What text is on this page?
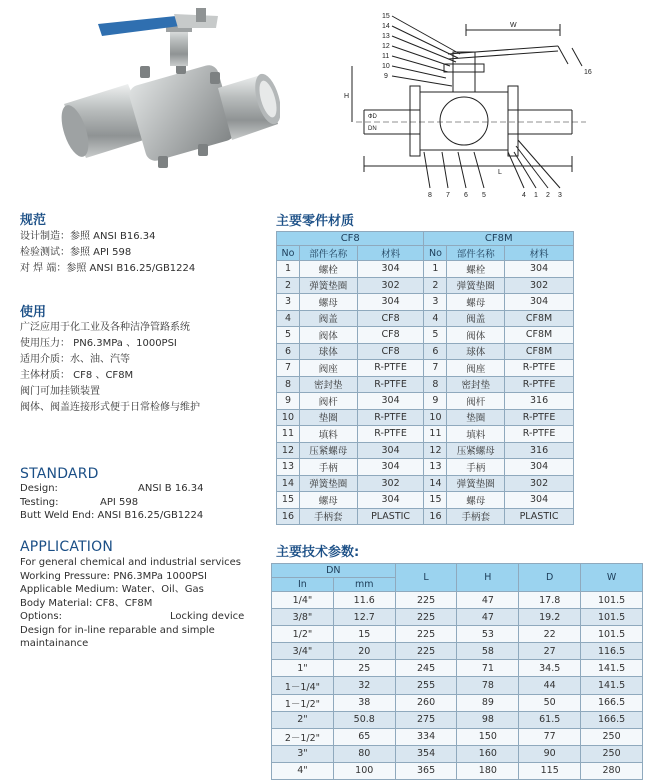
15
14
13
12
11
10
9
8 7 6 5
L
4 1 2 3
16
W
H
ФD
DN
规范
设计制造：参照 ANSI B16.34
检验测试：参照 API 598
对 焊 端：参照 ANSI B16.25/GB1224
使用
广泛应用于化工业及各种洁净管路系统
使用压力： PN6.3MPa 、1000PSI
适用介质：水、油、汽等
主体材质： CF8 、CF8M
阀门可加挂锁装置
阀体、阀盖连接形式便于日常检修与维护
STANDARD
Design:	ANSI B 16.34
Testing:	API 598
Butt Weld End: ANSI B16.25/GB1224
APPLICATION
For general chemical and industrial services
Working Pressure: PN6.3MPa 1000PSI
Applicable Medium: Water、Oil、Gas
Body Material: CF8、CF8M
Options:	Locking device
Design for in-line reparable and simple
maintainance
主要零件材质
CF8			CF8M		
No	部件名称	材料	No	部件名称	材料
1	螺栓	304	1	螺栓	304
2	弹簧垫圈	302	2	弹簧垫圈	302
3	螺母	304	3	螺母	304
4	阀盖	CF8	4	阀盖	CF8M
5	阀体	CF8	5	阀体	CF8M
6	球体	CF8	6	球体	CF8M
7	阀座	R-PTFE	7	阀座	R-PTFE
8	密封垫	R-PTFE	8	密封垫	R-PTFE
9	阀杆	304	9	阀杆	316
10	垫圈	R-PTFE	10	垫圈	R-PTFE
11	填料	R-PTFE	11	填料	R-PTFE
12	压紧螺母	304	12	压紧螺母	316
13	手柄	304	13	手柄	304
14	弹簧垫圈	302	14	弹簧垫圈	302
15	螺母	304	15	螺母	304
16	手柄套	PLASTIC	16	手柄套	PLASTIC
主要技术参数:
DN		L	H	D	W
In	mm				
1/4"	11.6	225	47	17.8	101.5
3/8"	12.7	225	47	19.2	101.5
1/2"	15	225	53	22	101.5
3/4"	20	225	58	27	116.5
1"	25	245	71	34.5	141.5
1－1/4"	32	255	78	44	141.5
1－1/2"	38	260	89	50	166.5
2"	50.8	275	98	61.5	166.5
2－1/2"	65	334	150	77	250
3"	80	354	160	90	250
4"	100	365	180	115	280
